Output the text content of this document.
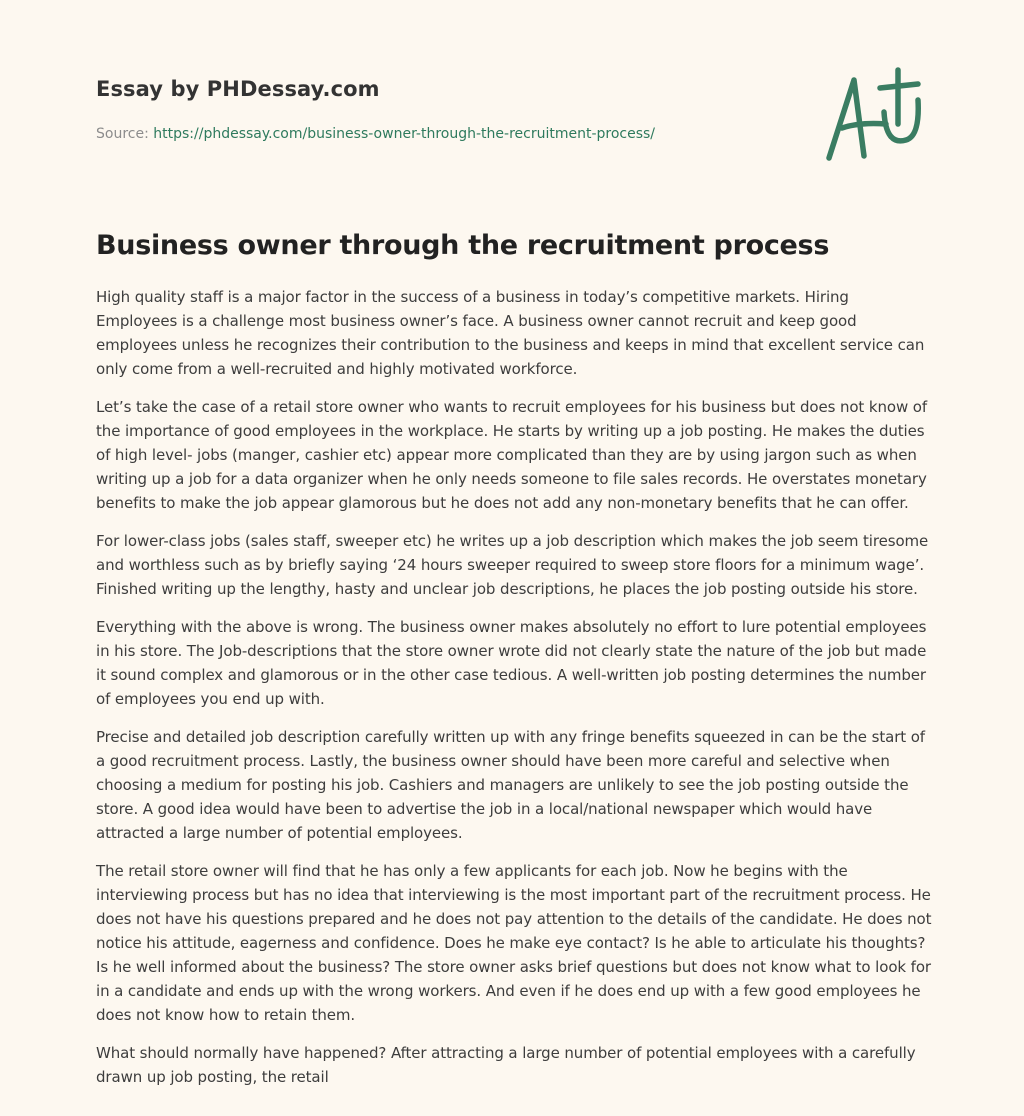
Essay by PHDessay.com
Source: https://phdessay.com/business-owner-through-the-recruitment-process/
Business owner through the recruitment process

High quality staff is a major factor in the success of a business in today’s competitive markets. Hiring Employees is a challenge most business owner’s face. A business owner cannot recruit and keep good employees unless he recognizes their contribution to the business and keeps in mind that excellent service can only come from a well-recruited and highly motivated workforce.

Let’s take the case of a retail store owner who wants to recruit employees for his business but does not know of the importance of good employees in the workplace. He starts by writing up a job posting. He makes the duties of high level- jobs (manger, cashier etc) appear more complicated than they are by using jargon such as when writing up a job for a data organizer when he only needs someone to file sales records. He overstates monetary benefits to make the job appear glamorous but he does not add any non-monetary benefits that he can offer.

For lower-class jobs (sales staff, sweeper etc) he writes up a job description which makes the job seem tiresome and worthless such as by briefly saying ‘24 hours sweeper required to sweep store floors for a minimum wage’. Finished writing up the lengthy, hasty and unclear job descriptions, he places the job posting outside his store.

Everything with the above is wrong. The business owner makes absolutely no effort to lure potential employees in his store. The Job-descriptions that the store owner wrote did not clearly state the nature of the job but made it sound complex and glamorous or in the other case tedious. A well-written job posting determines the number of employees you end up with.

Precise and detailed job description carefully written up with any fringe benefits squeezed in can be the start of a good recruitment process. Lastly, the business owner should have been more careful and selective when choosing a medium for posting his job. Cashiers and managers are unlikely to see the job posting outside the store. A good idea would have been to advertise the job in a local/national newspaper which would have attracted a large number of potential employees.

The retail store owner will find that he has only a few applicants for each job. Now he begins with the interviewing process but has no idea that interviewing is the most important part of the recruitment process. He does not have his questions prepared and he does not pay attention to the details of the candidate. He does not notice his attitude, eagerness and confidence. Does he make eye contact? Is he able to articulate his thoughts? Is he well informed about the business? The store owner asks brief questions but does not know what to look for in a candidate and ends up with the wrong workers. And even if he does end up with a few good employees he does not know how to retain them.

What should normally have happened? After attracting a large number of potential employees with a carefully drawn up job posting, the retail
